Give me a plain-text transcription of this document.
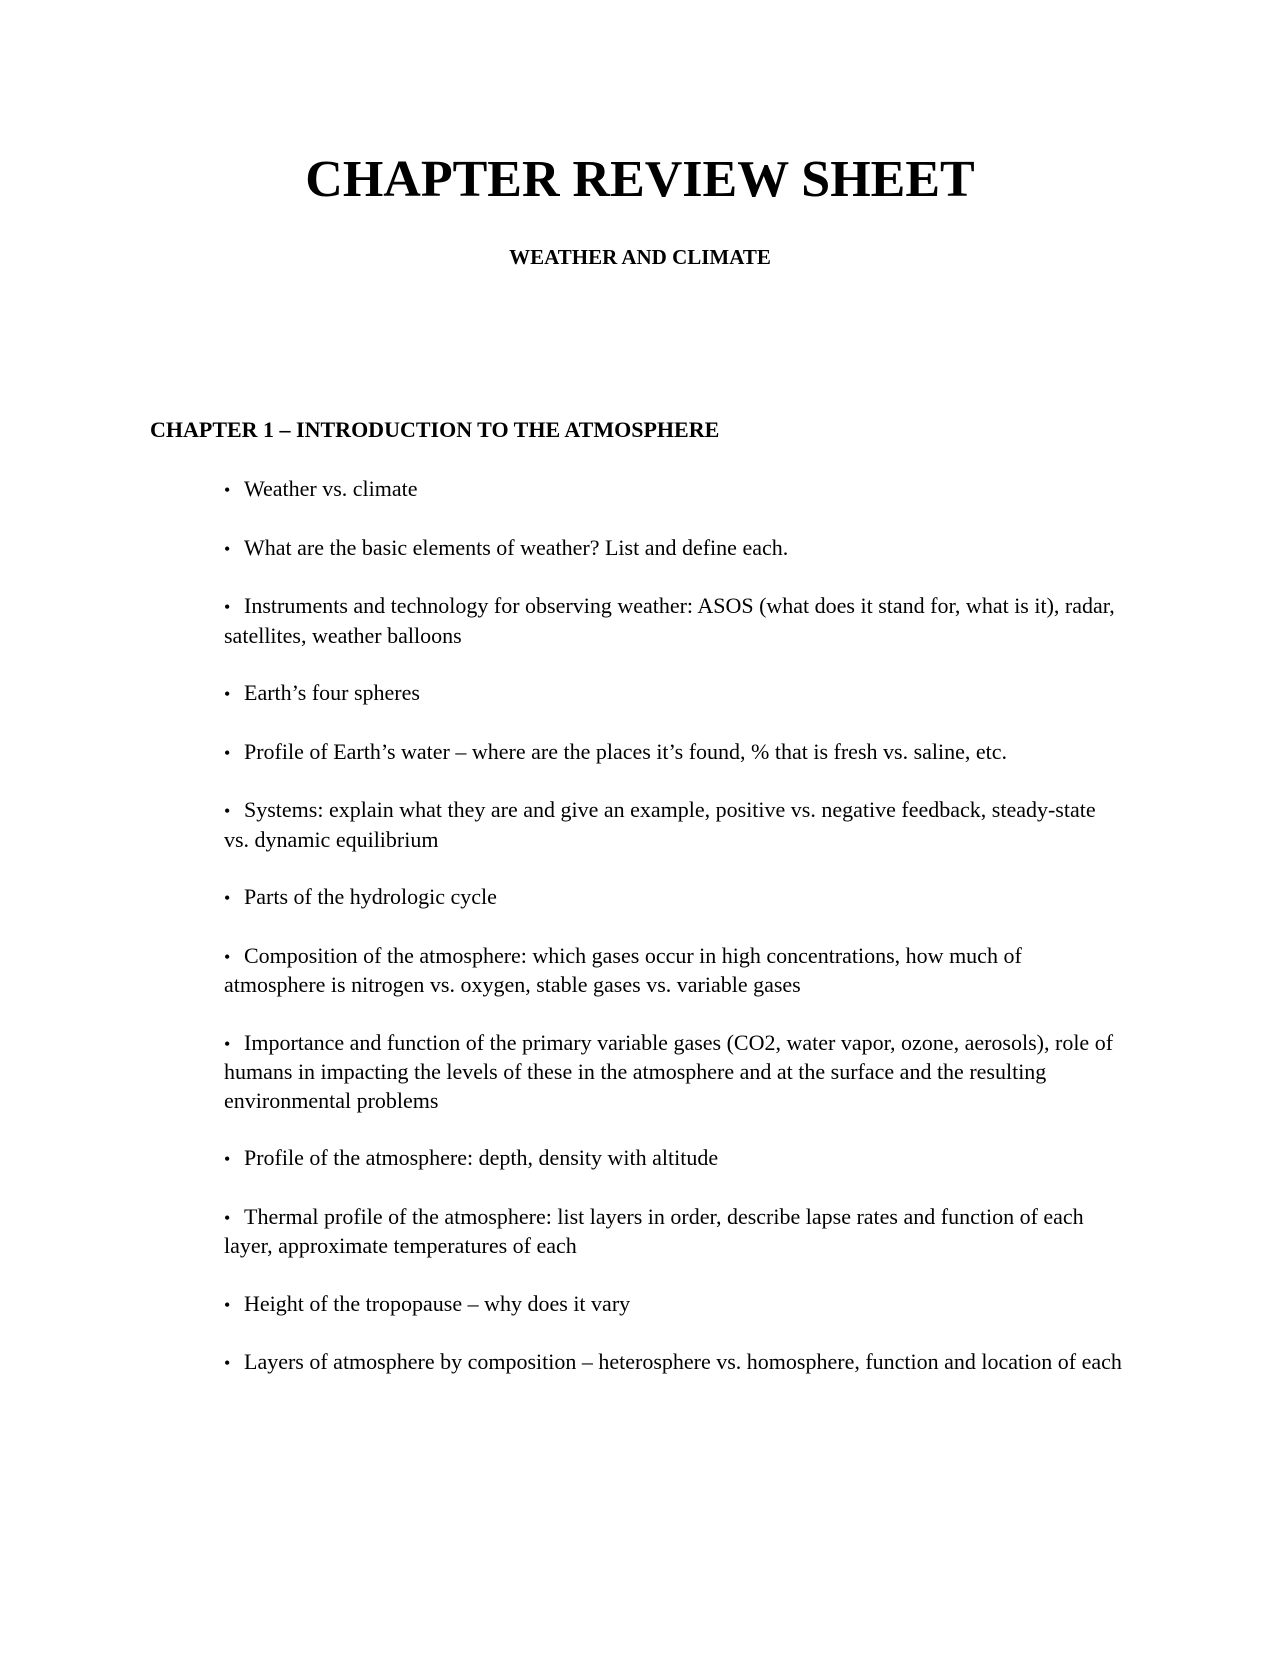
CHAPTER REVIEW SHEET
WEATHER AND CLIMATE
CHAPTER 1 – INTRODUCTION TO THE ATMOSPHERE
• Weather vs. climate
• What are the basic elements of weather? List and define each.
• Instruments and technology for observing weather: ASOS (what does it stand for, what is it), radar, satellites, weather balloons
• Earth’s four spheres
• Profile of Earth’s water – where are the places it’s found, % that is fresh vs. saline, etc.
• Systems: explain what they are and give an example, positive vs. negative feedback, steady-state vs. dynamic equilibrium
• Parts of the hydrologic cycle
• Composition of the atmosphere: which gases occur in high concentrations, how much of atmosphere is nitrogen vs. oxygen, stable gases vs. variable gases
• Importance and function of the primary variable gases (CO2, water vapor, ozone, aerosols), role of humans in impacting the levels of these in the atmosphere and at the surface and the resulting environmental problems
• Profile of the atmosphere: depth, density with altitude
• Thermal profile of the atmosphere: list layers in order, describe lapse rates and function of each layer, approximate temperatures of each
• Height of the tropopause – why does it vary
• Layers of atmosphere by composition – heterosphere vs. homosphere, function and location of each
